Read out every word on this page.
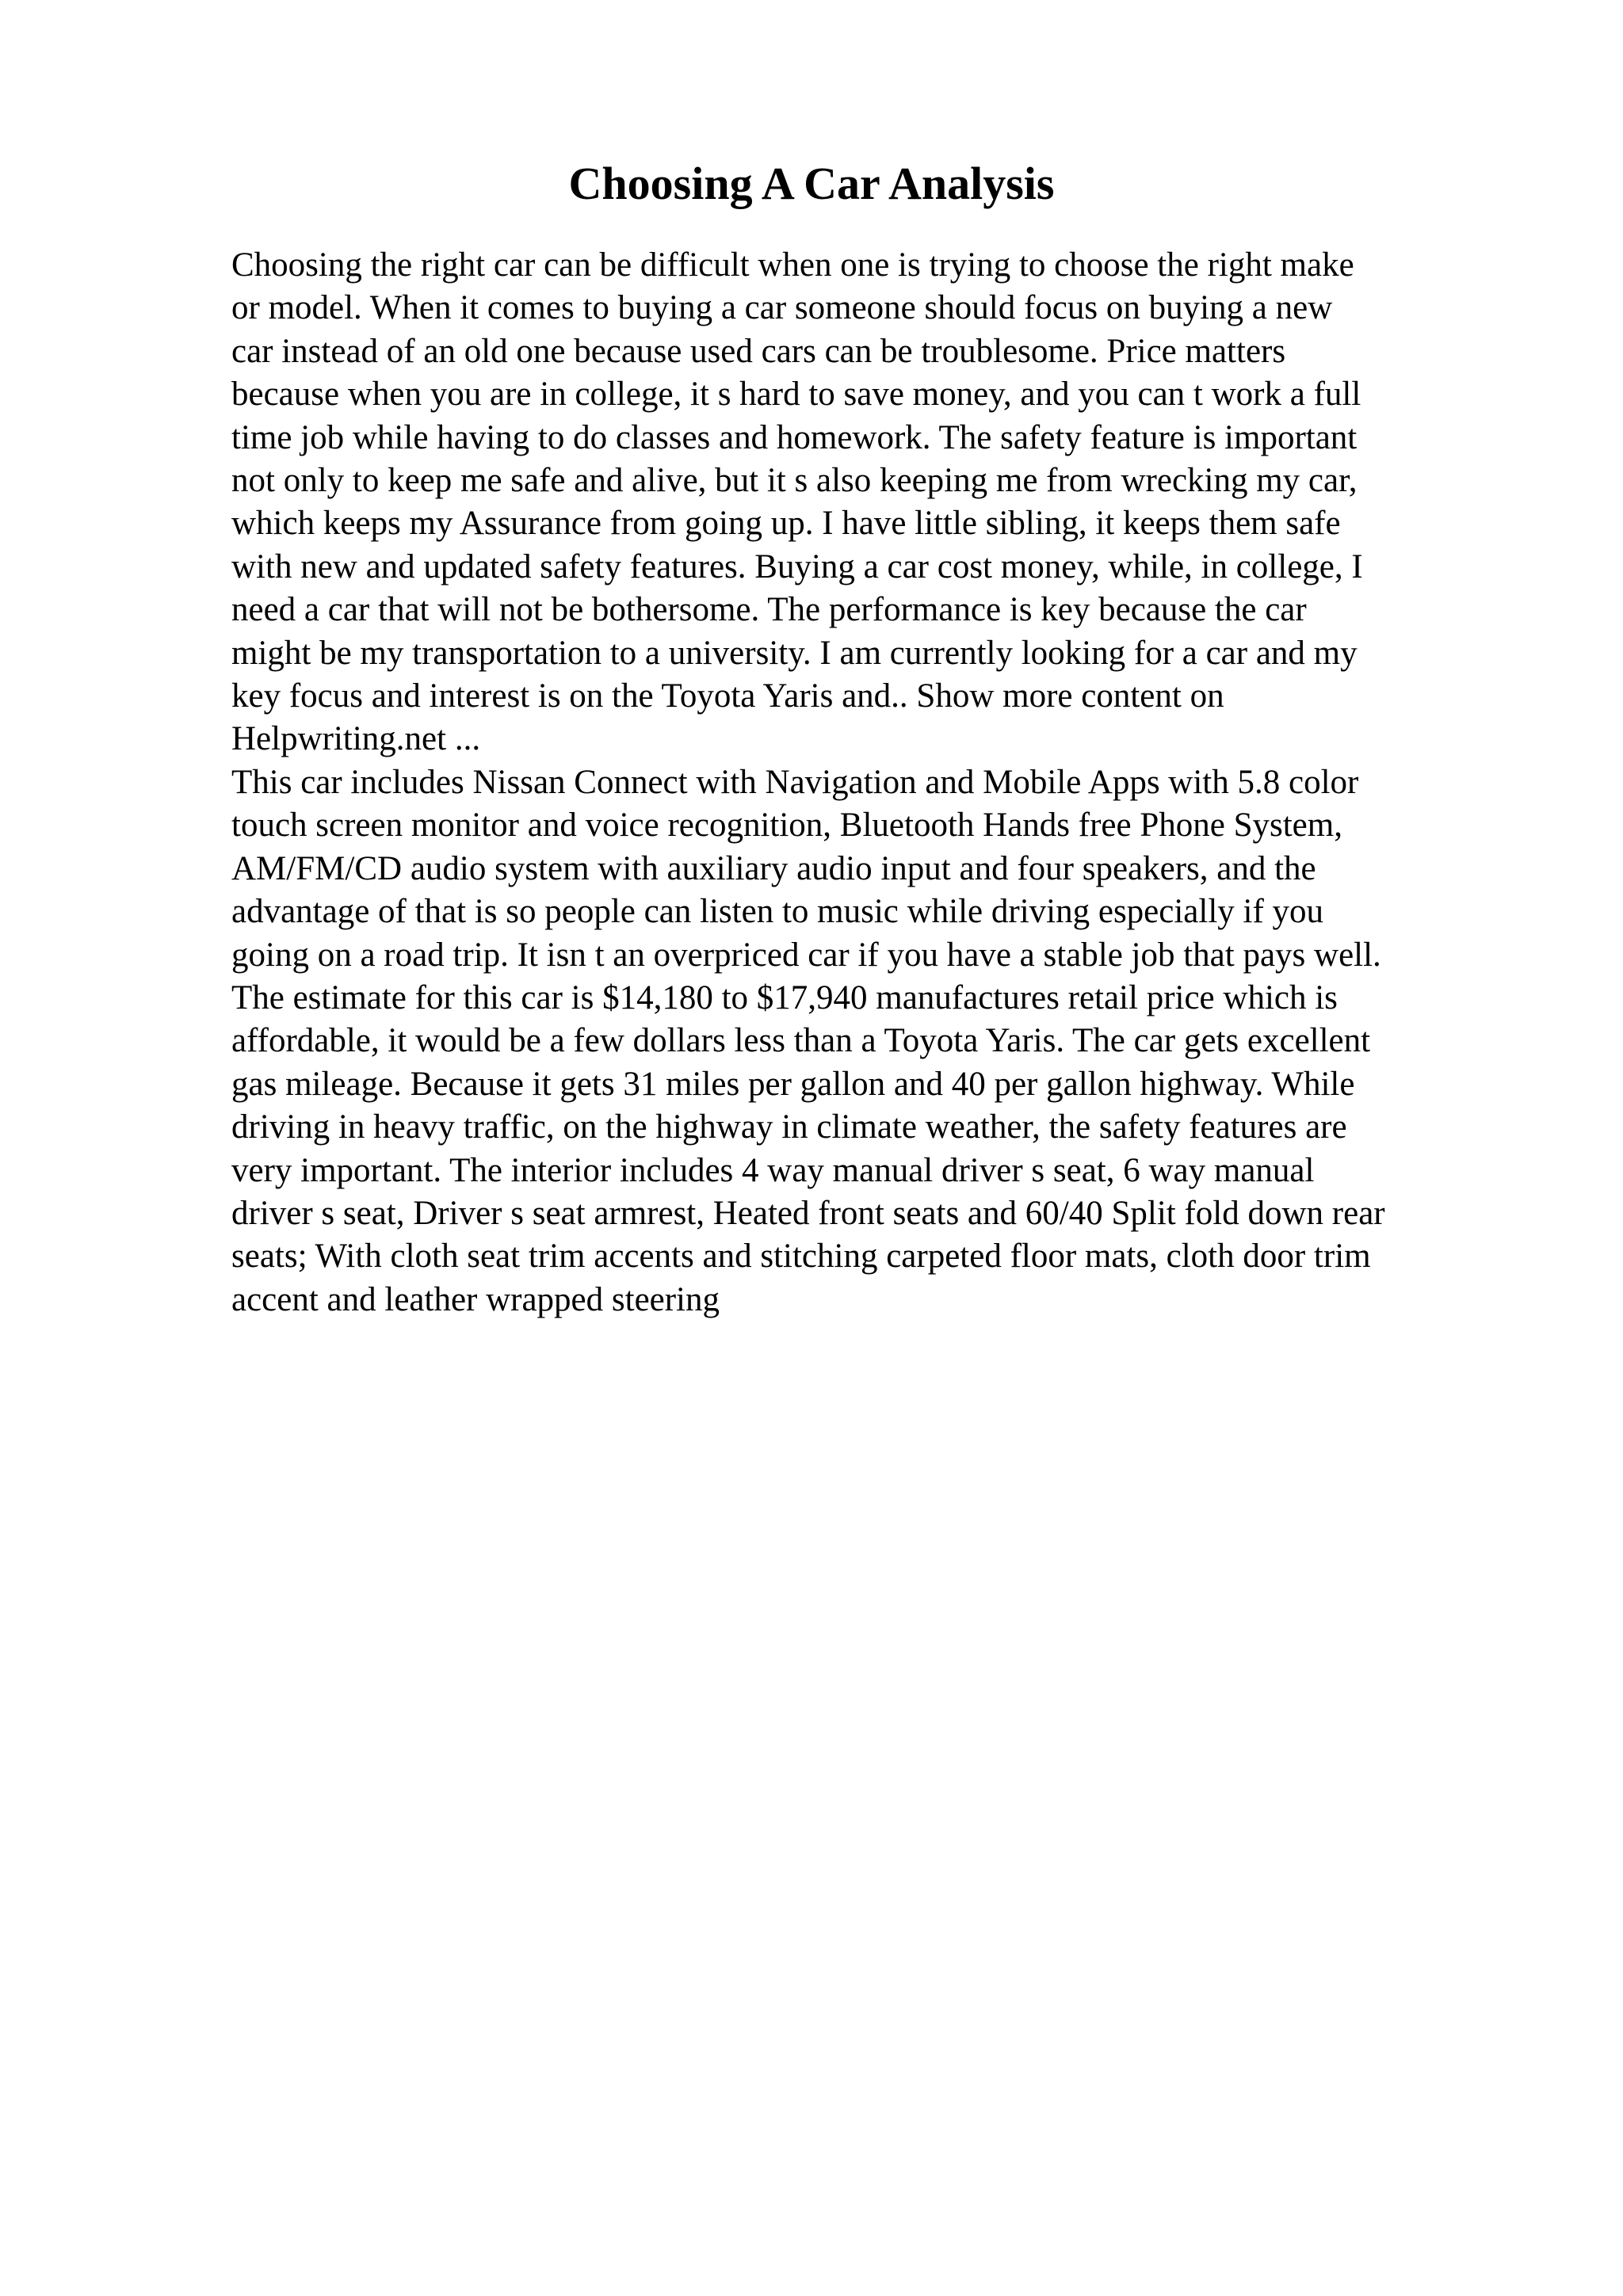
Choosing A Car Analysis
Choosing the right car can be difficult when one is trying to choose the right make
or model. When it comes to buying a car someone should focus on buying a new
car instead of an old one because used cars can be troublesome. Price matters
because when you are in college, it s hard to save money, and you can t work a full
time job while having to do classes and homework. The safety feature is important
not only to keep me safe and alive, but it s also keeping me from wrecking my car,
which keeps my Assurance from going up. I have little sibling, it keeps them safe
with new and updated safety features. Buying a car cost money, while, in college, I
need a car that will not be bothersome. The performance is key because the car
might be my transportation to a university. I am currently looking for a car and my
key focus and interest is on the Toyota Yaris and.. Show more content on
Helpwriting.net ...
This car includes Nissan Connect with Navigation and Mobile Apps with 5.8 color
touch screen monitor and voice recognition, Bluetooth Hands free Phone System,
AM/FM/CD audio system with auxiliary audio input and four speakers, and the
advantage of that is so people can listen to music while driving especially if you
going on a road trip. It isn t an overpriced car if you have a stable job that pays well.
The estimate for this car is $14,180 to $17,940 manufactures retail price which is
affordable, it would be a few dollars less than a Toyota Yaris. The car gets excellent
gas mileage. Because it gets 31 miles per gallon and 40 per gallon highway. While
driving in heavy traffic, on the highway in climate weather, the safety features are
very important. The interior includes 4 way manual driver s seat, 6 way manual
driver s seat, Driver s seat armrest, Heated front seats and 60/40 Split fold down rear
seats; With cloth seat trim accents and stitching carpeted floor mats, cloth door trim
accent and leather wrapped steering
